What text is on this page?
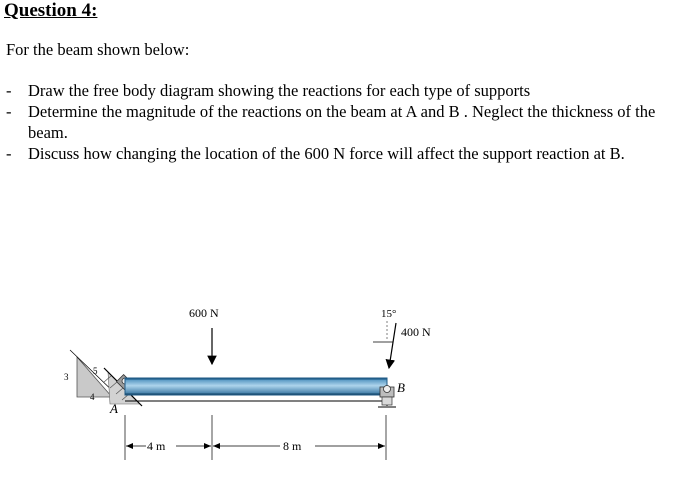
Question 4:
For the beam shown below:

- Draw the free body diagram showing the reactions for each type of supports

- Determine the magnitude of the reactions on the beam at A and B . Neglect the thickness of the beam.

- Discuss how changing the location of the 600 N force will affect the support reaction at B.

3
5
4
A
B
600 N	15°
400 N
4 m	8 m
